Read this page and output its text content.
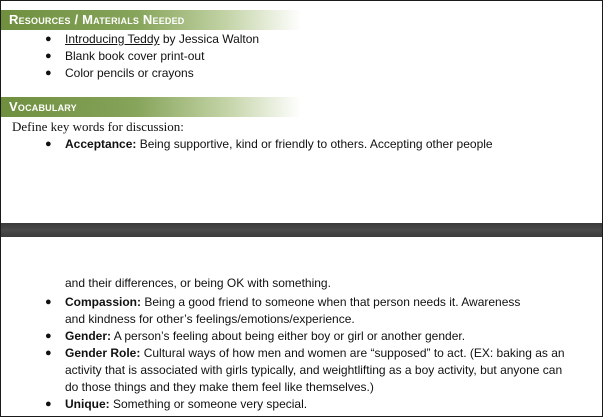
Resources / Materials Needed
● Introducing Teddy by Jessica Walton
● Blank book cover print-out
● Color pencils or crayons
Vocabulary
Define key words for discussion:
● Acceptance: Being supportive, kind or friendly to others. Accepting other people
and their differences, or being OK with something.
● Compassion: Being a good friend to someone when that person needs it. Awareness
and kindness for other’s feelings/emotions/experience.
● Gender: A person’s feeling about being either boy or girl or another gender.
● Gender Role: Cultural ways of how men and women are “supposed” to act. (EX: baking as an
activity that is associated with girls typically, and weightlifting as a boy activity, but anyone can
do those things and they make them feel like themselves.)
● Unique: Something or someone very special.
